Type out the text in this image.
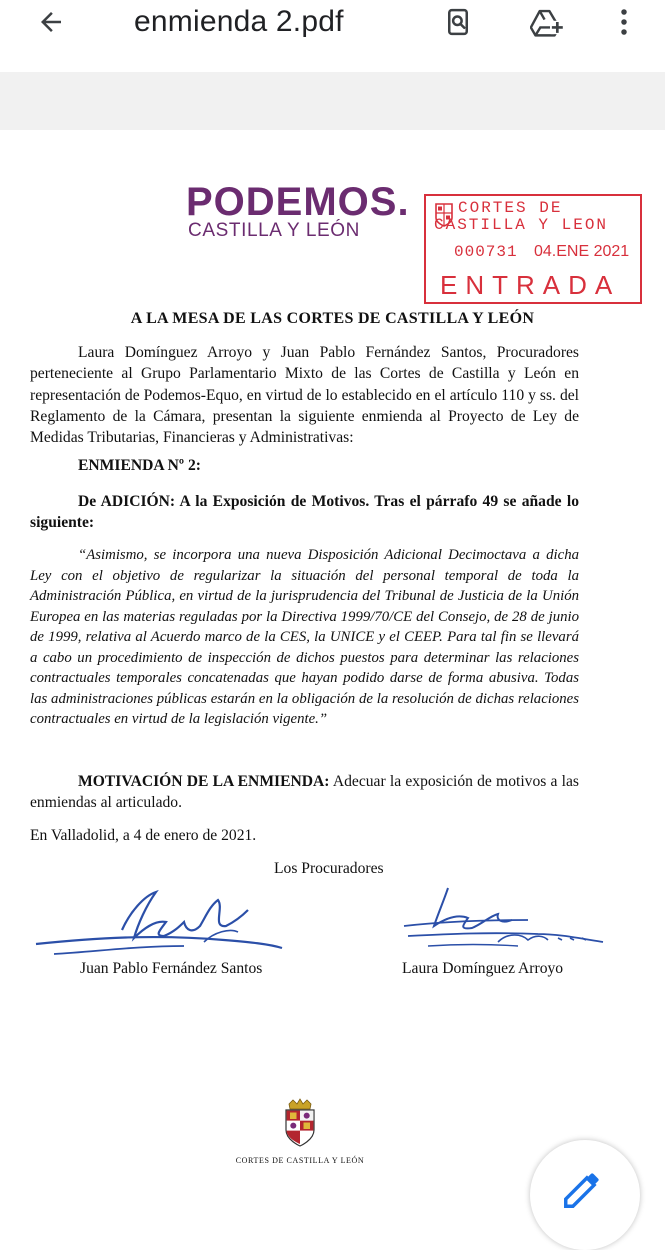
enmienda 2.pdf
PODEMOS.
CASTILLA Y LEÓN
CORTES DE
CASTILLA Y LEON
000731 04.ENE 2021
ENTRADA
A LA MESA DE LAS CORTES DE CASTILLA Y LEÓN
Laura Domínguez Arroyo y Juan Pablo Fernández Santos, Procuradores perteneciente al Grupo Parlamentario Mixto de las Cortes de Castilla y León en representación de Podemos-Equo, en virtud de lo establecido en el artículo 110 y ss. del Reglamento de la Cámara, presentan la siguiente enmienda al Proyecto de Ley de Medidas Tributarias, Financieras y Administrativas:
ENMIENDA Nº 2:
De ADICIÓN: A la Exposición de Motivos. Tras el párrafo 49 se añade lo siguiente:
“Asimismo, se incorpora una nueva Disposición Adicional Decimoctava a dicha Ley con el objetivo de regularizar la situación del personal temporal de toda la Administración Pública, en virtud de la jurisprudencia del Tribunal de Justicia de la Unión Europea en las materias reguladas por la Directiva 1999/70/CE del Consejo, de 28 de junio de 1999, relativa al Acuerdo marco de la CES, la UNICE y el CEEP. Para tal fin se llevará a cabo un procedimiento de inspección de dichos puestos para determinar las relaciones contractuales temporales concatenadas que hayan podido darse de forma abusiva. Todas las administraciones públicas estarán en la obligación de la resolución de dichas relaciones contractuales en virtud de la legislación vigente.”
MOTIVACIÓN DE LA ENMIENDA: Adecuar la exposición de motivos a las enmiendas al articulado.
En Valladolid, a 4 de enero de 2021.
Los Procuradores
Juan Pablo Fernández Santos	Laura Domínguez Arroyo
CORTES DE CASTILLA Y LEÓN
